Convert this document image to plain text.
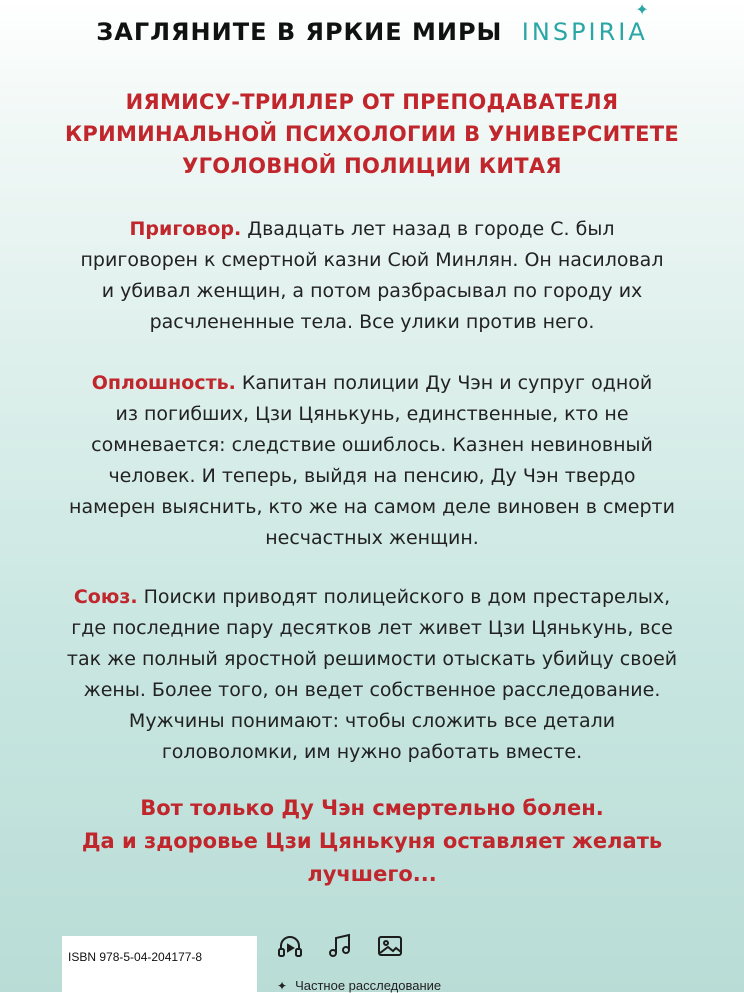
ЗАГЛЯНИТЕ В ЯРКИЕ МИРЫ INSPIRIA
✦
ИЯМИСУ-ТРИЛЛЕР ОТ ПРЕПОДАВАТЕЛЯ
КРИМИНАЛЬНОЙ ПСИХОЛОГИИ В УНИВЕРСИТЕТЕ
УГОЛОВНОЙ ПОЛИЦИИ КИТАЯ
Приговор. Двадцать лет назад в городе С. был
приговорен к смертной казни Сюй Минлян. Он насиловал
и убивал женщин, а потом разбрасывал по городу их
расчлененные тела. Все улики против него.
Оплошность. Капитан полиции Ду Чэн и супруг одной
из погибших, Цзи Цянькунь, единственные, кто не
сомневается: следствие ошиблось. Казнен невиновный
человек. И теперь, выйдя на пенсию, Ду Чэн твердо
намерен выяснить, кто же на самом деле виновен в смерти
несчастных женщин.
Союз. Поиски приводят полицейского в дом престарелых,
где последние пару десятков лет живет Цзи Цянькунь, все
так же полный яростной решимости отыскать убийцу своей
жены. Более того, он ведет собственное расследование.
Мужчины понимают: чтобы сложить все детали
головоломки, им нужно работать вместе.
Вот только Ду Чэн смертельно болен.
Да и здоровье Цзи Цянькуня оставляет желать
лучшего...
ISBN 978-5-04-204177-8
✦ Частное расследование
